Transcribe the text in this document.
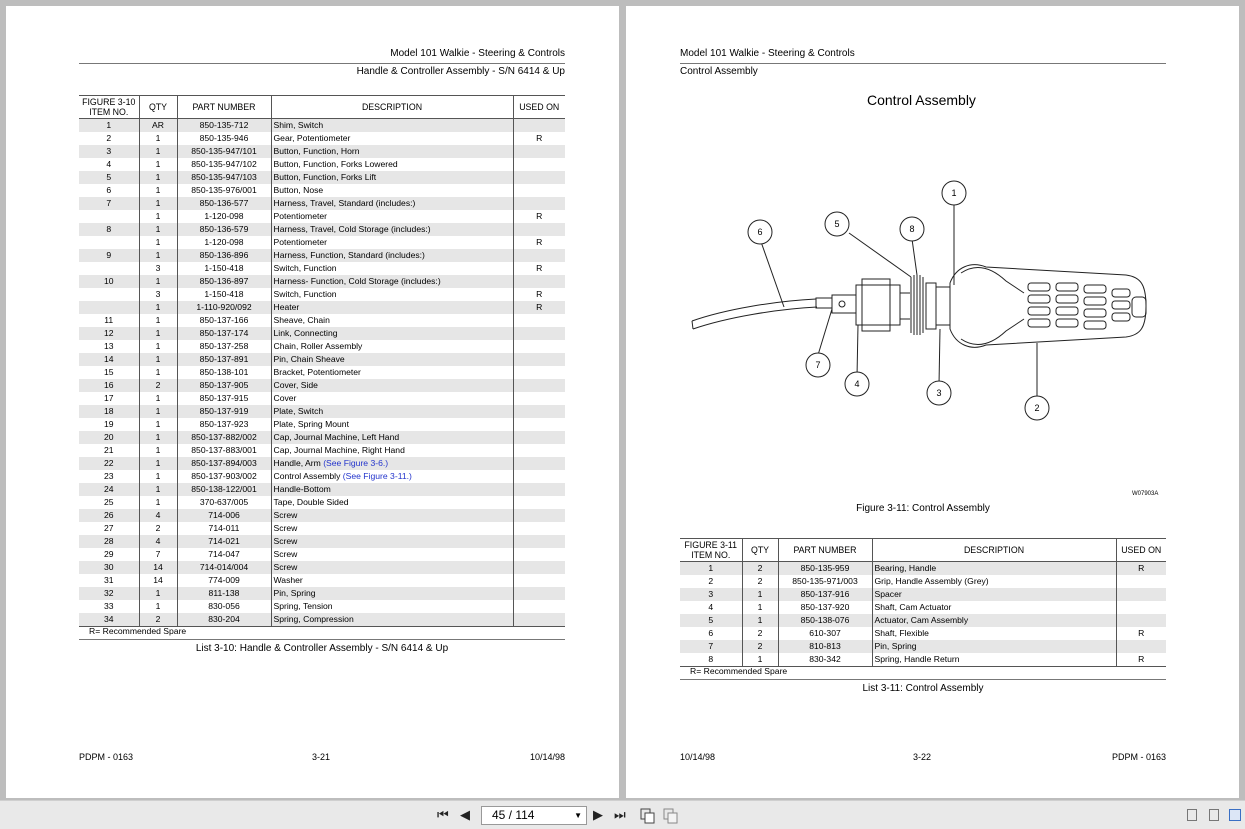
Model 101 Walkie - Steering & Controls
Handle & Controller Assembly - S/N 6414 & Up
FIGURE 3-10
ITEM NO.	QTY	PART NUMBER	DESCRIPTION	USED ON
1	AR	850-135-712	Shim, Switch	
2	1	850-135-946	Gear, Potentiometer	R
3	1	850-135-947/101	Button, Function, Horn	
4	1	850-135-947/102	Button, Function, Forks Lowered	
5	1	850-135-947/103	Button, Function, Forks Lift	
6	1	850-135-976/001	Button, Nose	
7	1	850-136-577	Harness, Travel, Standard (includes:)	
	1	1-120-098	Potentiometer	R
8	1	850-136-579	Harness, Travel, Cold Storage (includes:)	
	1	1-120-098	Potentiometer	R
9	1	850-136-896	Harness, Function, Standard (includes:)	
	3	1-150-418	Switch, Function	R
10	1	850-136-897	Harness- Function, Cold Storage (includes:)	
	3	1-150-418	Switch, Function	R
	1	1-110-920/092	Heater	R
11	1	850-137-166	Sheave, Chain	
12	1	850-137-174	Link, Connecting	
13	1	850-137-258	Chain, Roller Assembly	
14	1	850-137-891	Pin, Chain Sheave	
15	1	850-138-101	Bracket, Potentiometer	
16	2	850-137-905	Cover, Side	
17	1	850-137-915	Cover	
18	1	850-137-919	Plate, Switch	
19	1	850-137-923	Plate, Spring Mount	
20	1	850-137-882/002	Cap, Journal Machine, Left Hand	
21	1	850-137-883/001	Cap, Journal Machine, Right Hand	
22	1	850-137-894/003	Handle, Arm (See Figure 3-6.)	
23	1	850-137-903/002	Control Assembly (See Figure 3-11.)	
24	1	850-138-122/001	Handle-Bottom	
25	1	370-637/005	Tape, Double Sided	
26	4	714-006	Screw	
27	2	714-011	Screw	
28	4	714-021	Screw	
29	7	714-047	Screw	
30	14	714-014/004	Screw	
31	14	774-009	Washer	
32	1	811-138	Pin, Spring	
33	1	830-056	Spring, Tension	
34	2	830-204	Spring, Compression	
R= Recommended Spare
List 3-10: Handle & Controller Assembly - S/N 6414 & Up
PDPM - 0163	3-21	10/14/98
Model 101 Walkie - Steering & Controls
Control Assembly
Control Assembly
1
2
3
4
5
6
7
8
W07903A
Figure 3-11: Control Assembly
FIGURE 3-11
ITEM NO.	QTY	PART NUMBER	DESCRIPTION	USED ON
1	2	850-135-959	Bearing, Handle	R
2	2	850-135-971/003	Grip, Handle Assembly (Grey)	
3	1	850-137-916	Spacer	
4	1	850-137-920	Shaft, Cam Actuator	
5	1	850-138-076	Actuator, Cam Assembly	
6	2	610-307	Shaft, Flexible	R
7	2	810-813	Pin, Spring	
8	1	830-342	Spring, Handle Return	R
R= Recommended Spare
List 3-11: Control Assembly
10/14/98	3-22	PDPM - 0163
⏮ ◀ 45 / 114	▼ ▶ ⏭
